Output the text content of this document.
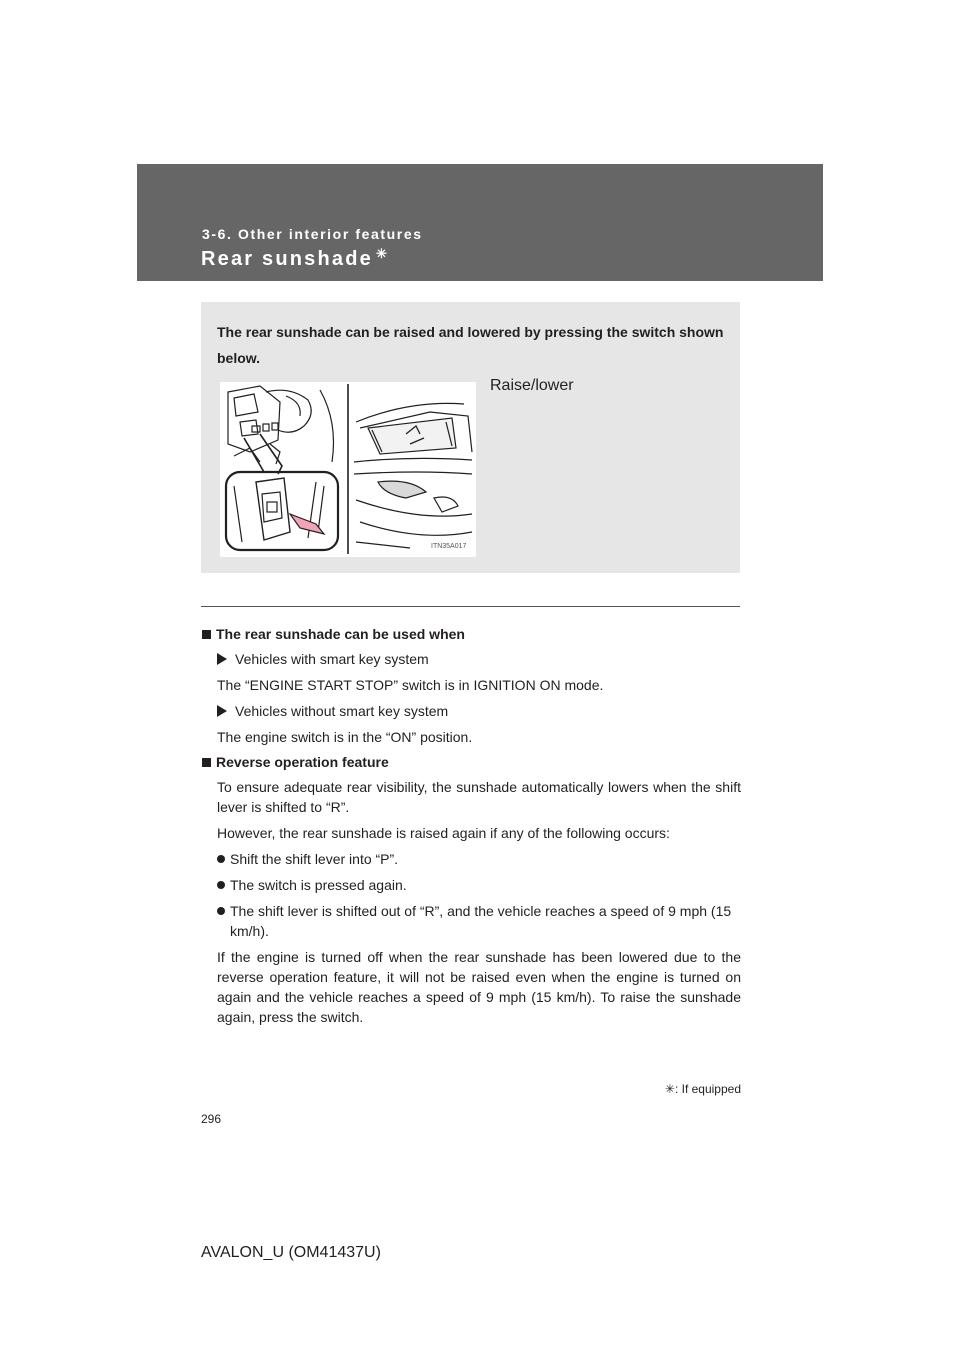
3-6. Other interior features
Rear sunshade ✳
The rear sunshade can be raised and lowered by pressing the switch shown below.
ITN35A017
Raise/lower

The rear sunshade can be used when

Vehicles with smart key system

The “ENGINE START STOP” switch is in IGNITION ON mode.

Vehicles without smart key system

The engine switch is in the “ON” position.

Reverse operation feature

To ensure adequate rear visibility, the sunshade automatically lowers when the shift lever is shifted to “R”.

However, the rear sunshade is raised again if any of the following occurs:

Shift the shift lever into “P”.

The switch is pressed again.

The shift lever is shifted out of “R”, and the vehicle reaches a speed of 9 mph (15 km/h).

If the engine is turned off when the rear sunshade has been lowered due to the reverse operation feature, it will not be raised even when the engine is turned on again and the vehicle reaches a speed of 9 mph (15 km/h). To raise the sunshade again, press the switch.

✳: If equipped
296
AVALON_U (OM41437U)
